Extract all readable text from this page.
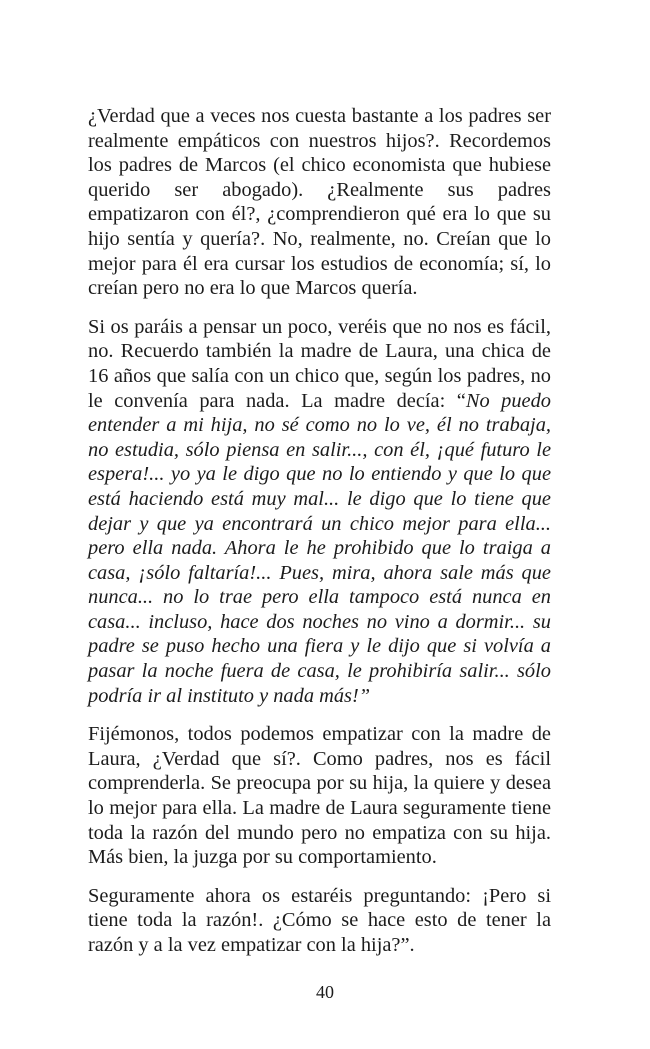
¿Verdad que a veces nos cuesta bastante a los padres ser realmente empáticos con nuestros hijos?. Recordemos los padres de Marcos (el chico economista que hubiese querido ser abogado). ¿Realmente sus padres empatizaron con él?, ¿comprendieron qué era lo que su hijo sentía y quería?. No, realmente, no. Creían que lo mejor para él era cursar los estudios de economía; sí, lo creían pero no era lo que Marcos quería.

Si os paráis a pensar un poco, veréis que no nos es fácil, no. Recuerdo también la madre de Laura, una chica de 16 años que salía con un chico que, según los padres, no le convenía para nada. La madre decía: “No puedo entender a mi hija, no sé como no lo ve, él no trabaja, no estudia, sólo piensa en salir..., con él, ¡qué futuro le espera!... yo ya le digo que no lo entiendo y que lo que está haciendo está muy mal... le digo que lo tiene que dejar y que ya encontrará un chico mejor para ella... pero ella nada. Ahora le he prohibido que lo traiga a casa, ¡sólo faltaría!... Pues, mira, ahora sale más que nunca... no lo trae pero ella tampoco está nunca en casa... incluso, hace dos noches no vino a dormir... su padre se puso hecho una fiera y le dijo que si volvía a pasar la noche fuera de casa, le prohibiría salir... sólo podría ir al instituto y nada más!”

Fijémonos, todos podemos empatizar con la madre de Laura, ¿Verdad que sí?. Como padres, nos es fácil comprenderla. Se preocupa por su hija, la quiere y desea lo mejor para ella. La madre de Laura seguramente tiene toda la razón del mundo pero no empatiza con su hija. Más bien, la juzga por su comportamiento.

Seguramente ahora os estaréis preguntando: ¡Pero si tiene toda la razón!. ¿Cómo se hace esto de tener la razón y a la vez empatizar con la hija?”.

40
